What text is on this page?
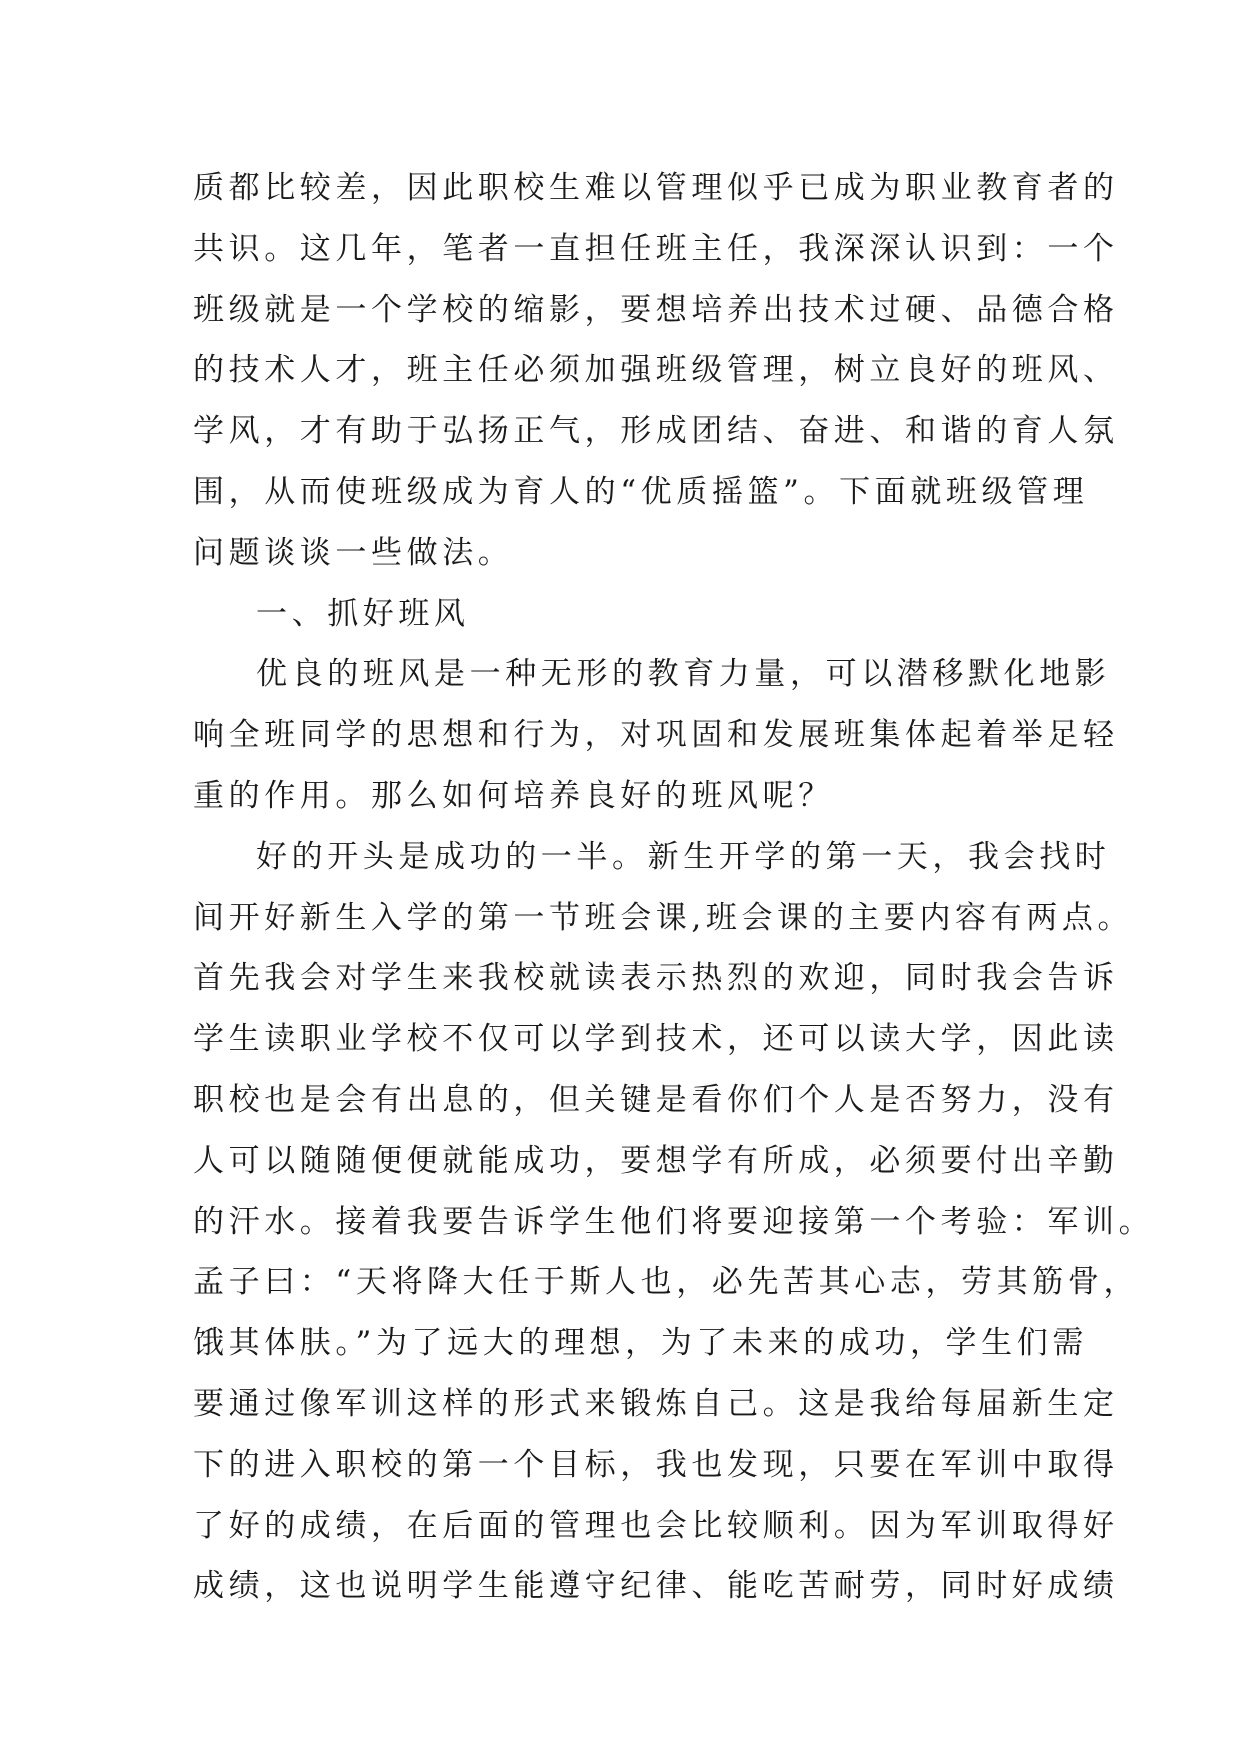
质都比较差，因此职校生难以管理似乎已成为职业教育者的
共识。这几年，笔者一直担任班主任，我深深认识到：一个
班级就是一个学校的缩影，要想培养出技术过硬、品德合格
的技术人才，班主任必须加强班级管理，树立良好的班风、
学风，才有助于弘扬正气，形成团结、奋进、和谐的育人氛
围，从而使班级成为育人的“优质摇篮”。下面就班级管理
问题谈谈一些做法。
一、抓好班风
优良的班风是一种无形的教育力量，可以潜移默化地影
响全班同学的思想和行为，对巩固和发展班集体起着举足轻
重的作用。那么如何培养良好的班风呢？
好的开头是成功的一半。新生开学的第一天，我会找时
间开好新生入学的第一节班会课,班会课的主要内容有两点。
首先我会对学生来我校就读表示热烈的欢迎，同时我会告诉
学生读职业学校不仅可以学到技术，还可以读大学，因此读
职校也是会有出息的，但关键是看你们个人是否努力，没有
人可以随随便便就能成功，要想学有所成，必须要付出辛勤
的汗水。接着我要告诉学生他们将要迎接第一个考验：军训。
孟子曰：“天将降大任于斯人也，必先苦其心志，劳其筋骨，
饿其体肤。”为了远大的理想，为了未来的成功，学生们需
要通过像军训这样的形式来锻炼自己。这是我给每届新生定
下的进入职校的第一个目标，我也发现，只要在军训中取得
了好的成绩，在后面的管理也会比较顺利。因为军训取得好
成绩，这也说明学生能遵守纪律、能吃苦耐劳，同时好成绩
